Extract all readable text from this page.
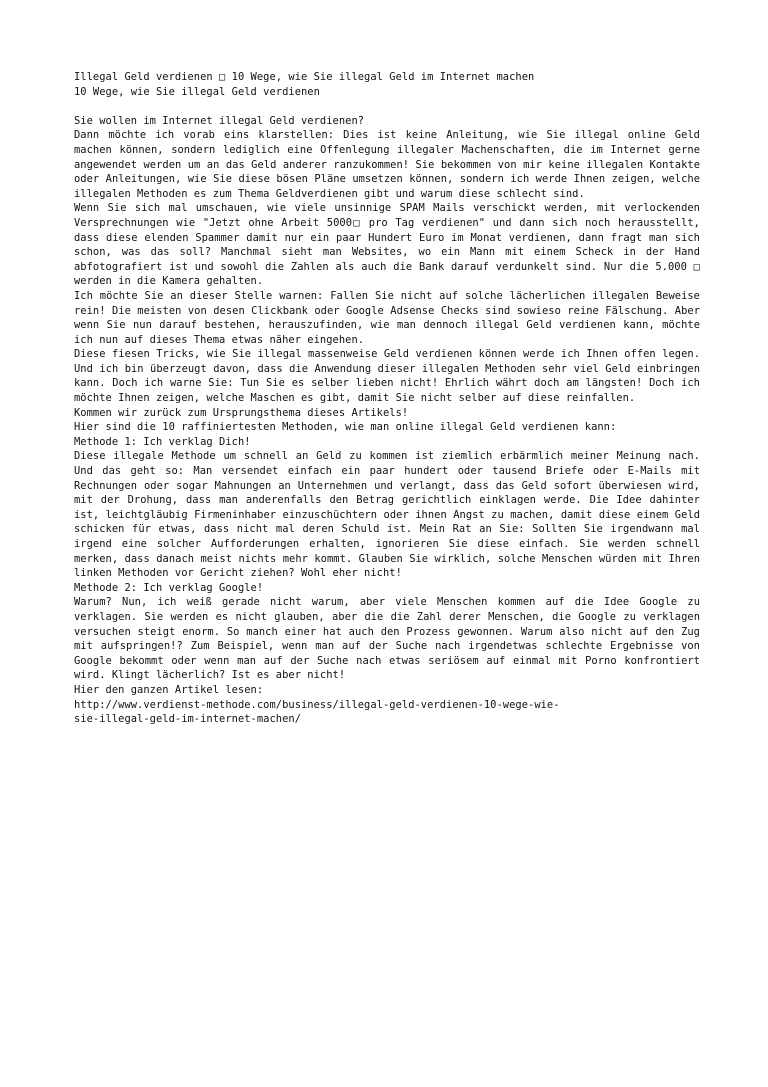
Illegal Geld verdienen □ 10 Wege, wie Sie illegal Geld im Internet machen
10 Wege, wie Sie illegal Geld verdienen
Sie wollen im Internet illegal Geld verdienen?
Dann möchte ich vorab eins klarstellen: Dies ist keine Anleitung, wie Sie illegal online Geld machen können, sondern lediglich eine Offenlegung illegaler Machenschaften, die im Internet gerne angewendet werden um an das Geld anderer ranzukommen! Sie bekommen von mir keine illegalen Kontakte oder Anleitungen, wie Sie diese bösen Pläne umsetzen können, sondern ich werde Ihnen zeigen, welche illegalen Methoden es zum Thema Geldverdienen gibt und warum diese schlecht sind.
Wenn Sie sich mal umschauen, wie viele unsinnige SPAM Mails verschickt werden, mit verlockenden Versprechnungen wie "Jetzt ohne Arbeit 5000□ pro Tag verdienen" und dann sich noch herausstellt, dass diese elenden Spammer damit nur ein paar Hundert Euro im Monat verdienen, dann fragt man sich schon, was das soll? Manchmal sieht man Websites, wo ein Mann mit einem Scheck in der Hand abfotografiert ist und sowohl die Zahlen als auch die Bank darauf verdunkelt sind. Nur die 5.000 □ werden in die Kamera gehalten.
Ich möchte Sie an dieser Stelle warnen: Fallen Sie nicht auf solche lächerlichen illegalen Beweise rein! Die meisten von desen Clickbank oder Google Adsense Checks sind sowieso reine Fälschung. Aber wenn Sie nun darauf bestehen, herauszufinden, wie man dennoch illegal Geld verdienen kann, möchte ich nun auf dieses Thema etwas näher eingehen.
Diese fiesen Tricks, wie Sie illegal massenweise Geld verdienen können werde ich Ihnen offen legen. Und ich bin überzeugt davon, dass die Anwendung dieser illegalen Methoden sehr viel Geld einbringen kann. Doch ich warne Sie: Tun Sie es selber lieben nicht! Ehrlich währt doch am längsten! Doch ich möchte Ihnen zeigen, welche Maschen es gibt, damit Sie nicht selber auf diese reinfallen.
Kommen wir zurück zum Ursprungsthema dieses Artikels!
Hier sind die 10 raffiniertesten Methoden, wie man online illegal Geld verdienen kann:
Methode 1: Ich verklag Dich!
Diese illegale Methode um schnell an Geld zu kommen ist ziemlich erbärmlich meiner Meinung nach. Und das geht so: Man versendet einfach ein paar hundert oder tausend Briefe oder E-Mails mit Rechnungen oder sogar Mahnungen an Unternehmen und verlangt, dass das Geld sofort überwiesen wird, mit der Drohung, dass man anderenfalls den Betrag gerichtlich einklagen werde. Die Idee dahinter ist, leichtgläubig Firmeninhaber einzuschüchtern oder ihnen Angst zu machen, damit diese einem Geld schicken für etwas, dass nicht mal deren Schuld ist. Mein Rat an Sie: Sollten Sie irgendwann mal irgend eine solcher Aufforderungen erhalten, ignorieren Sie diese einfach. Sie werden schnell merken, dass danach meist nichts mehr kommt. Glauben Sie wirklich, solche Menschen würden mit Ihren linken Methoden vor Gericht ziehen? Wohl eher nicht!
Methode 2: Ich verklag Google!
Warum? Nun, ich weiß gerade nicht warum, aber viele Menschen kommen auf die Idee Google zu verklagen. Sie werden es nicht glauben, aber die die Zahl derer Menschen, die Google zu verklagen versuchen steigt enorm. So manch einer hat auch den Prozess gewonnen. Warum also nicht auf den Zug mit aufspringen!? Zum Beispiel, wenn man auf der Suche nach irgendetwas schlechte Ergebnisse von Google bekommt oder wenn man auf der Suche nach etwas seriösem auf einmal mit Porno konfrontiert wird. Klingt lächerlich? Ist es aber nicht!
Hier den ganzen Artikel lesen:
http://www.verdienst-methode.com/business/illegal-geld-verdienen-10-wege-wie-
sie-illegal-geld-im-internet-machen/
